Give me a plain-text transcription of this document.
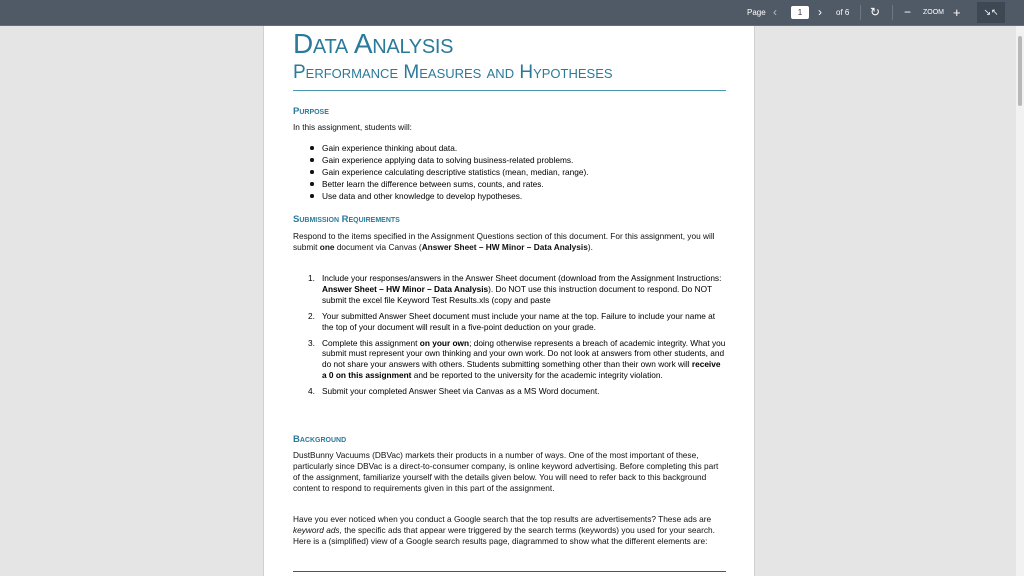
Page ‹	1	› of 6 ↻ − ZOOM +	↘↖
Data Analysis
Performance Measures and Hypotheses
Purpose
In this assignment, students will:
Gain experience thinking about data.
Gain experience applying data to solving business-related problems.
Gain experience calculating descriptive statistics (mean, median, range).
Better learn the difference between sums, counts, and rates.
Use data and other knowledge to develop hypotheses.
Submission Requirements
Respond to the items specified in the Assignment Questions section of this document. For this assignment, you will submit one document via Canvas (Answer Sheet – HW Minor – Data Analysis).
1. Include your responses/answers in the Answer Sheet document (download from the Assignment Instructions: Answer Sheet – HW Minor – Data Analysis). Do NOT use this instruction document to respond. Do NOT submit the excel file Keyword Test Results.xls (copy and paste
2. Your submitted Answer Sheet document must include your name at the top. Failure to include your name at the top of your document will result in a five-point deduction on your grade.
3. Complete this assignment on your own; doing otherwise represents a breach of academic integrity. What you submit must represent your own thinking and your own work. Do not look at answers from other students, and do not share your answers with others. Students submitting something other than their own work will receive a 0 on this assignment and be reported to the university for the academic integrity violation.
4. Submit your completed Answer Sheet via Canvas as a MS Word document.
Background
DustBunny Vacuums (DBVac) markets their products in a number of ways. One of the most important of these, particularly since DBVac is a direct-to-consumer company, is online keyword advertising. Before completing this part of the assignment, familiarize yourself with the details given below. You will need to refer back to this background content to respond to requirements given in this part of the assignment.
Have you ever noticed when you conduct a Google search that the top results are advertisements? These ads are keyword ads, the specific ads that appear were triggered by the search terms (keywords) you used for your search. Here is a (simplified) view of a Google search results page, diagrammed to show what the different elements are:
